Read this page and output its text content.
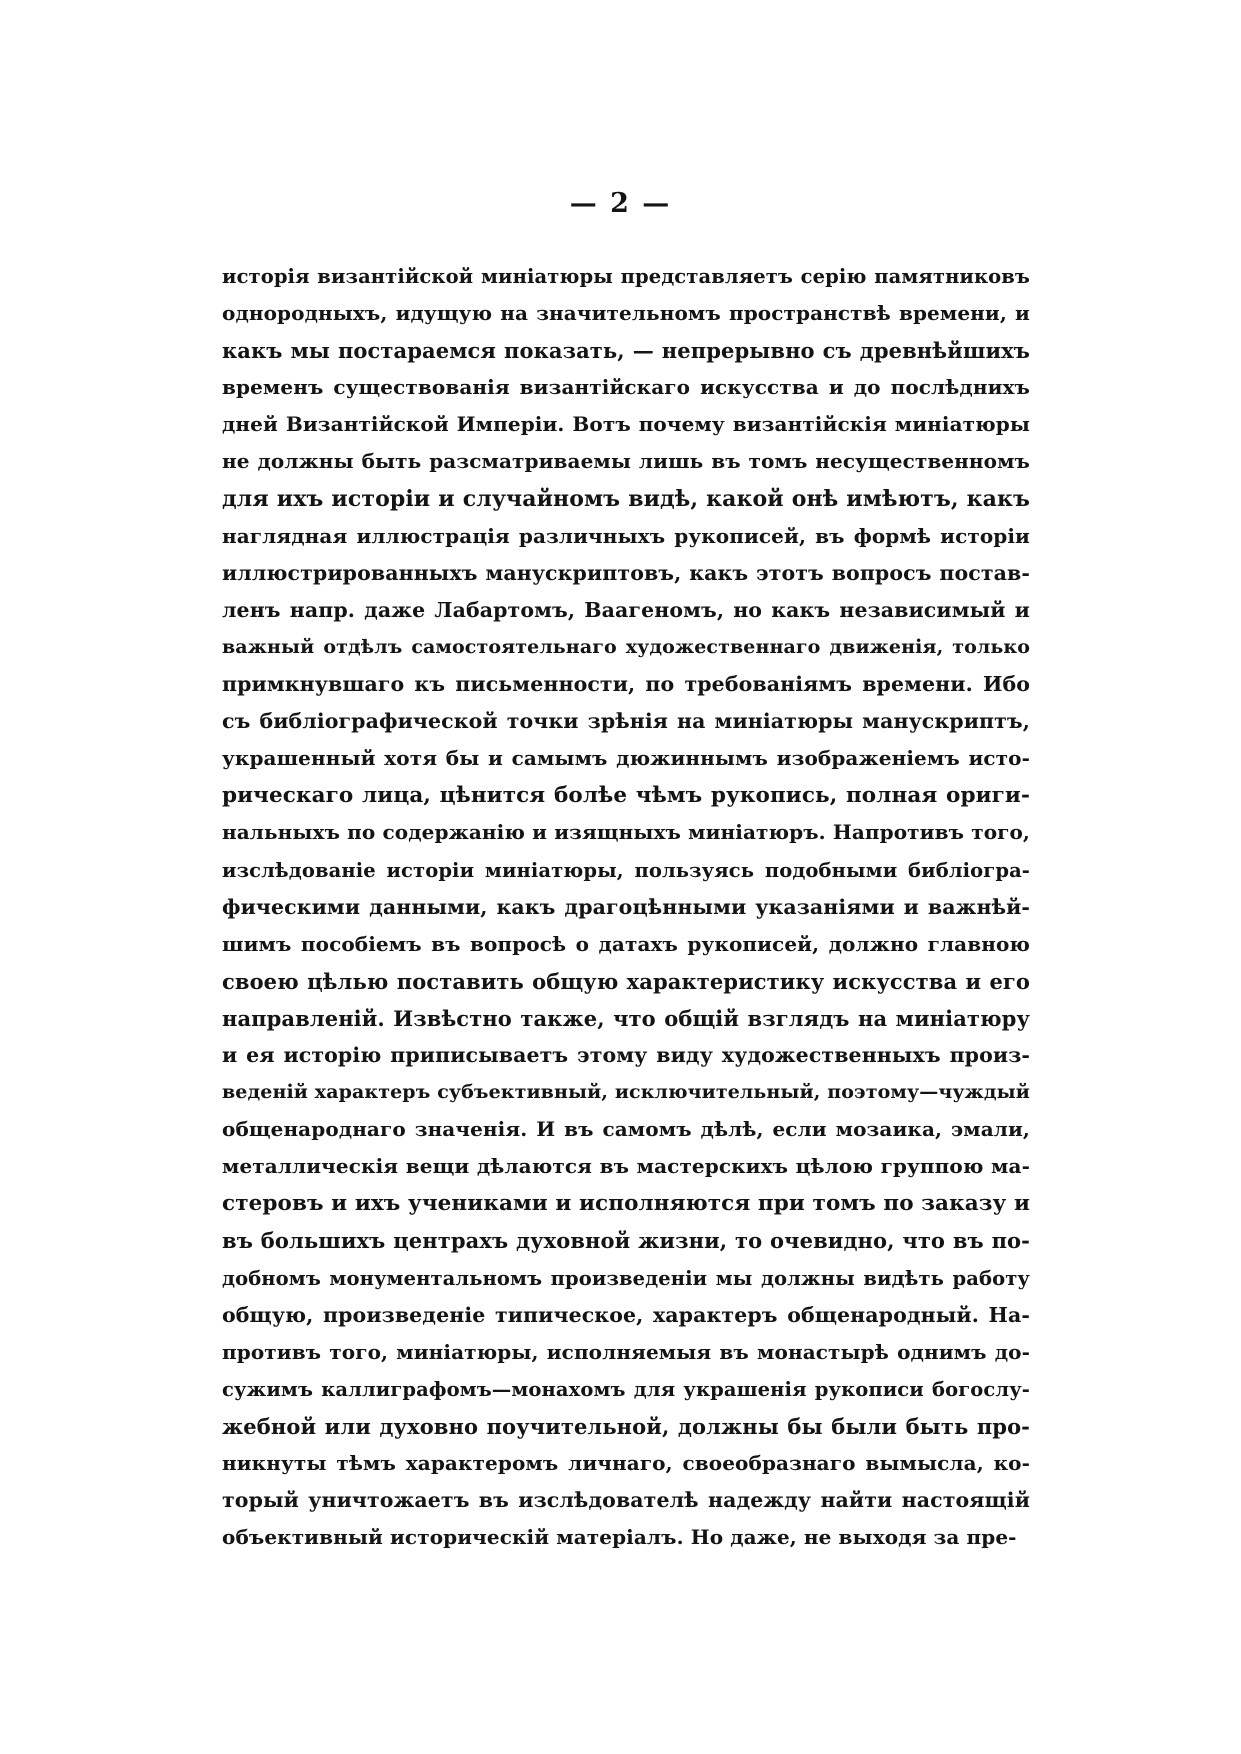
— 2 —
исторія византійской миніатюры представляетъ серію памятниковъ
однородныхъ, идущую на значительномъ пространствѣ времени, и
какъ мы постараемся показать, — непрерывно съ древнѣйшихъ
временъ существованія византійскаго искусства и до послѣднихъ
дней Византійской Имперіи. Вотъ почему византійскія миніатюры
не должны быть разсматриваемы лишь въ томъ несущественномъ
для ихъ исторіи и случайномъ видѣ, какой онѣ имѣютъ, какъ
наглядная иллюстрація различныхъ рукописей, въ формѣ исторіи
иллюстрированныхъ манускриптовъ, какъ этотъ вопросъ постав-
ленъ напр. даже Лабартомъ, Ваагеномъ, но какъ независимый и
важный отдѣлъ самостоятельнаго художественнаго движенія, только
примкнувшаго къ письменности, по требованіямъ времени. Ибо
съ библіографической точки зрѣнія на миніатюры манускриптъ,
украшенный хотя бы и самымъ дюжиннымъ изображеніемъ исто-
рическаго лица, цѣнится болѣе чѣмъ рукопись, полная ориги-
нальныхъ по содержанію и изящныхъ миніатюръ. Напротивъ того,
изслѣдованіе исторіи миніатюры, пользуясь подобными библіогра-
фическими данными, какъ драгоцѣнными указаніями и важнѣй-
шимъ пособіемъ въ вопросѣ о датахъ рукописей, должно главною
своею цѣлью поставить общую характеристику искусства и его
направленій. Извѣстно также, что общій взглядъ на миніатюру
и ея исторію приписываетъ этому виду художественныхъ произ-
веденій характеръ субъективный, исключительный, поэтому—чуждый
общенароднаго значенія. И въ самомъ дѣлѣ, если мозаика, эмали,
металлическія вещи дѣлаются въ мастерскихъ цѣлою группою ма-
стеровъ и ихъ учениками и исполняются при томъ по заказу и
въ большихъ центрахъ духовной жизни, то очевидно, что въ по-
добномъ монументальномъ произведеніи мы должны видѣть работу
общую, произведеніе типическое, характеръ общенародный. На-
противъ того, миніатюры, исполняемыя въ монастырѣ однимъ до-
сужимъ каллиграфомъ—монахомъ для украшенія рукописи богослу-
жебной или духовно поучительной, должны бы были быть про-
никнуты тѣмъ характеромъ личнаго, своеобразнаго вымысла, ко-
торый уничтожаетъ въ изслѣдователѣ надежду найти настоящій
объективный историческій матеріалъ. Но даже, не выходя за пре-
